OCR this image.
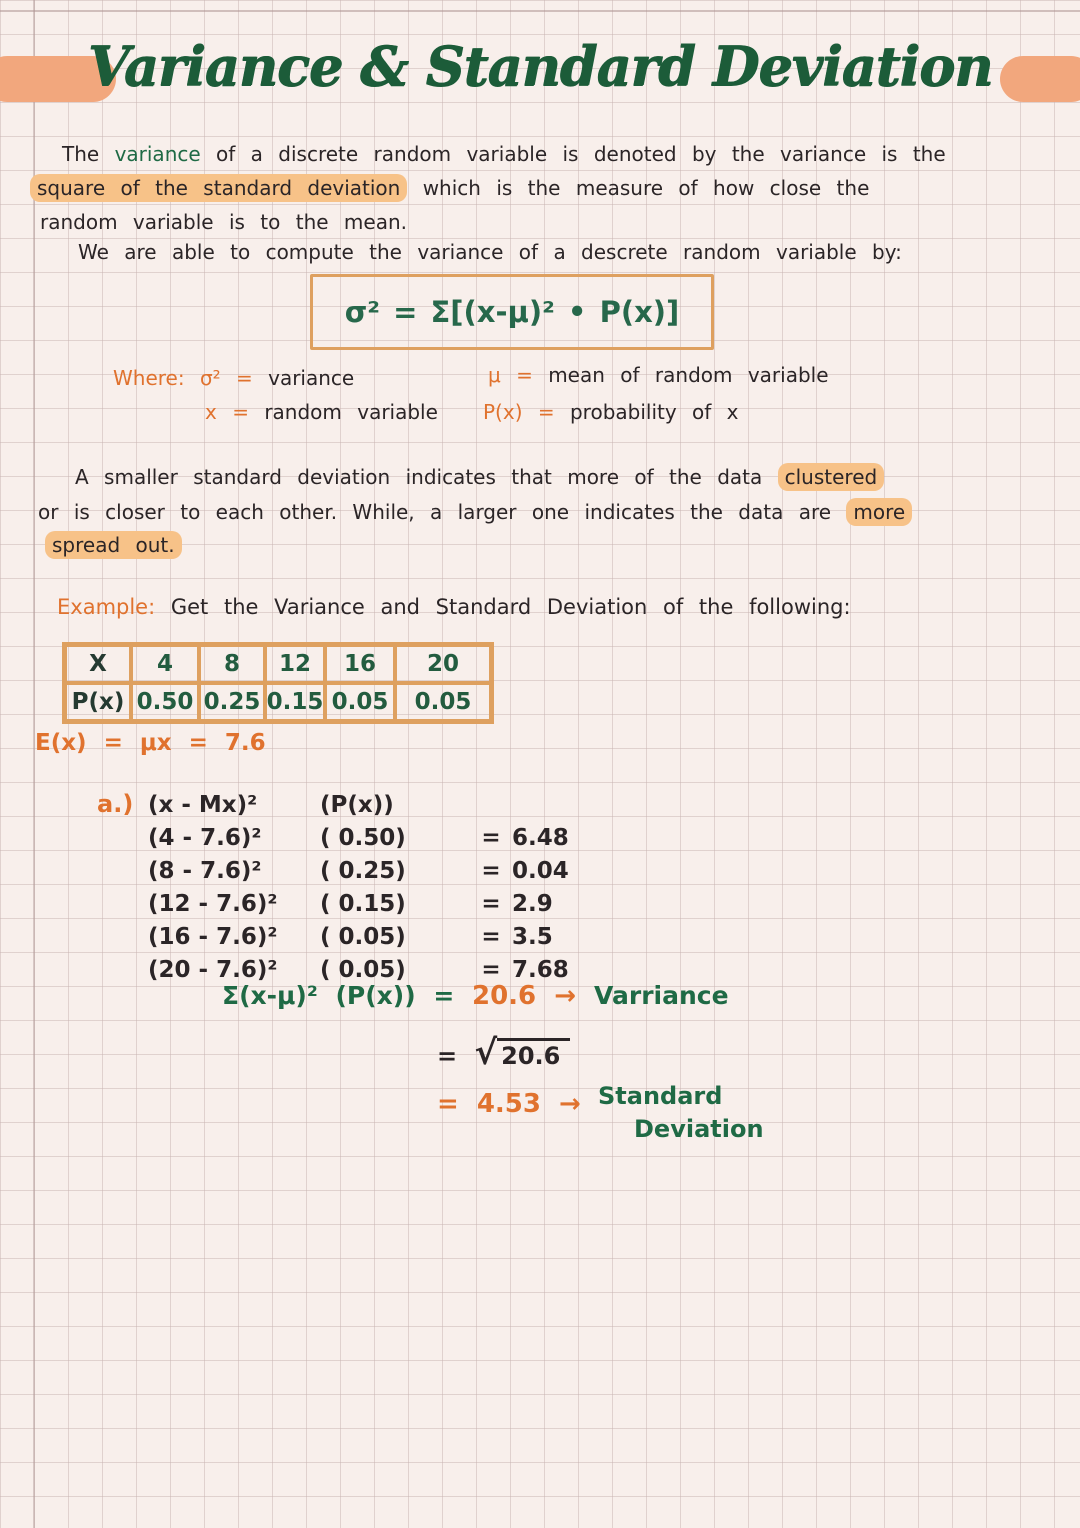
Variance & Standard Deviation
The variance of a discrete random variable is denoted by the variance is the
square of the standard deviation which is the measure of how close the
random variable is to the mean.
We are able to compute the variance of a descrete random variable by:
σ² = Σ[(x-μ)² • P(x)]
Where: σ² = variance	μ = mean of random variable
x = random variable P(x) = probability of x
A smaller standard deviation indicates that more of the data clustered
or is closer to each other. While, a larger one indicates the data are more
spread out.
Example: Get the Variance and Standard Deviation of the following:
X	4	8	12	16	20
P(x) 0.50 0.25 0.15 0.05	0.05
E(x) = μx = 7.6
a.) (x - Mx)²	(P(x))
(4 - 7.6)²	( 0.50)	= 6.48
(8 - 7.6)²	( 0.25)	= 0.04
(12 - 7.6)²	( 0.15)	= 2.9
(16 - 7.6)²	( 0.05)	= 3.5
(20 - 7.6)²	( 0.05)	= 7.68
Σ(x-μ)² (P(x)) = 20.6 → Varriance
= √ 20.6
= 4.53 → Standard
Deviation
